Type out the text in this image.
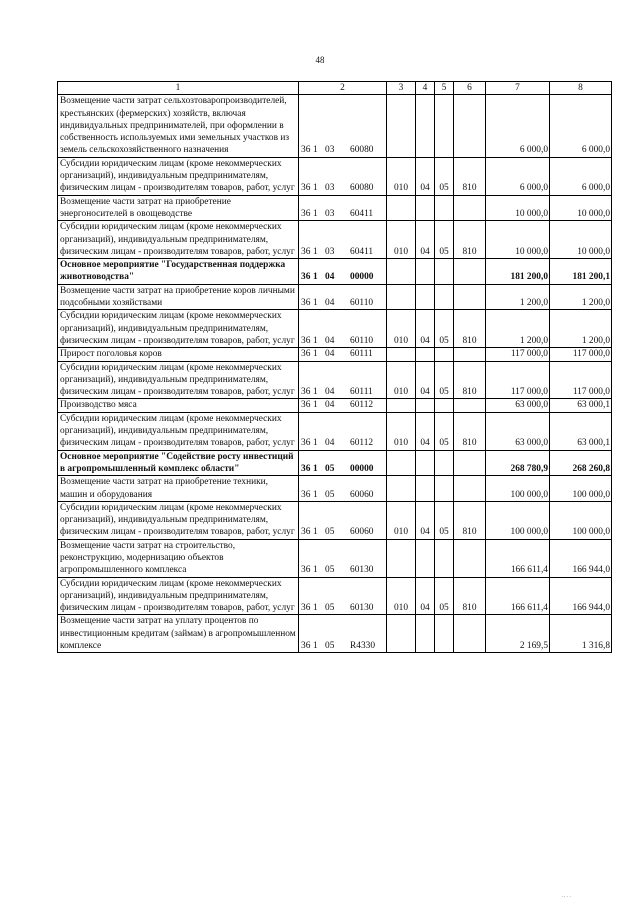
48
1	2	3	4	5	6	7	8
Возмещение части затрат сельхозтоваропроизводителей, крестьянских (фермерских) хозяйств, включая индивидуальных предпринимателей, при оформлении в собственность используемых ими земельных участков из земель сельскохозяйственного назначения	36 1 03 60080					6 000,0	6 000,0
Субсидии юридическим лицам (кроме некоммерческих организаций), индивидуальным предпринимателям, физическим лицам - производителям товаров, работ, услуг	36 1 03 60080	010	04	05	810	6 000,0	6 000,0
Возмещение части затрат на приобретение энергоносителей в овощеводстве	36 1 03 60411					10 000,0	10 000,0
Субсидии юридическим лицам (кроме некоммерческих организаций), индивидуальным предпринимателям, физическим лицам - производителям товаров, работ, услуг	36 1 03 60411	010	04	05	810	10 000,0	10 000,0
Основное мероприятие "Государственная поддержка животноводства"	36 1 04 00000					181 200,0	181 200,1
Возмещение части затрат на приобретение коров личными подсобными хозяйствами	36 1 04 60110					1 200,0	1 200,0
Субсидии юридическим лицам (кроме некоммерческих организаций), индивидуальным предпринимателям, физическим лицам - производителям товаров, работ, услуг	36 1 04 60110	010	04	05	810	1 200,0	1 200,0
Прирост поголовья коров	36 1 04 60111					117 000,0	117 000,0
Субсидии юридическим лицам (кроме некоммерческих организаций), индивидуальным предпринимателям, физическим лицам - производителям товаров, работ, услуг	36 1 04 60111	010	04	05	810	117 000,0	117 000,0
Производство мяса	36 1 04 60112					63 000,0	63 000,1
Субсидии юридическим лицам (кроме некоммерческих организаций), индивидуальным предпринимателям, физическим лицам - производителям товаров, работ, услуг	36 1 04 60112	010	04	05	810	63 000,0	63 000,1
Основное мероприятие "Содействие росту инвестиций в агропромышленный комплекс области"	36 1 05 00000					268 780,9	268 260,8
Возмещение части затрат на приобретение техники, машин и оборудования	36 1 05 60060					100 000,0	100 000,0
Субсидии юридическим лицам (кроме некоммерческих организаций), индивидуальным предпринимателям, физическим лицам - производителям товаров, работ, услуг	36 1 05 60060	010	04	05	810	100 000,0	100 000,0
Возмещение части затрат на строительство, реконструкцию, модернизацию объектов агропромышленного комплекса	36 1 05 60130					166 611,4	166 944,0
Субсидии юридическим лицам (кроме некоммерческих организаций), индивидуальным предпринимателям, физическим лицам - производителям товаров, работ, услуг	36 1 05 60130	010	04	05	810	166 611,4	166 944,0
Возмещение части затрат на уплату процентов по инвестиционным кредитам (займам) в агропромышленном комплексе	36 1 05 R4330					2 169,5	1 316,8
.. . .
